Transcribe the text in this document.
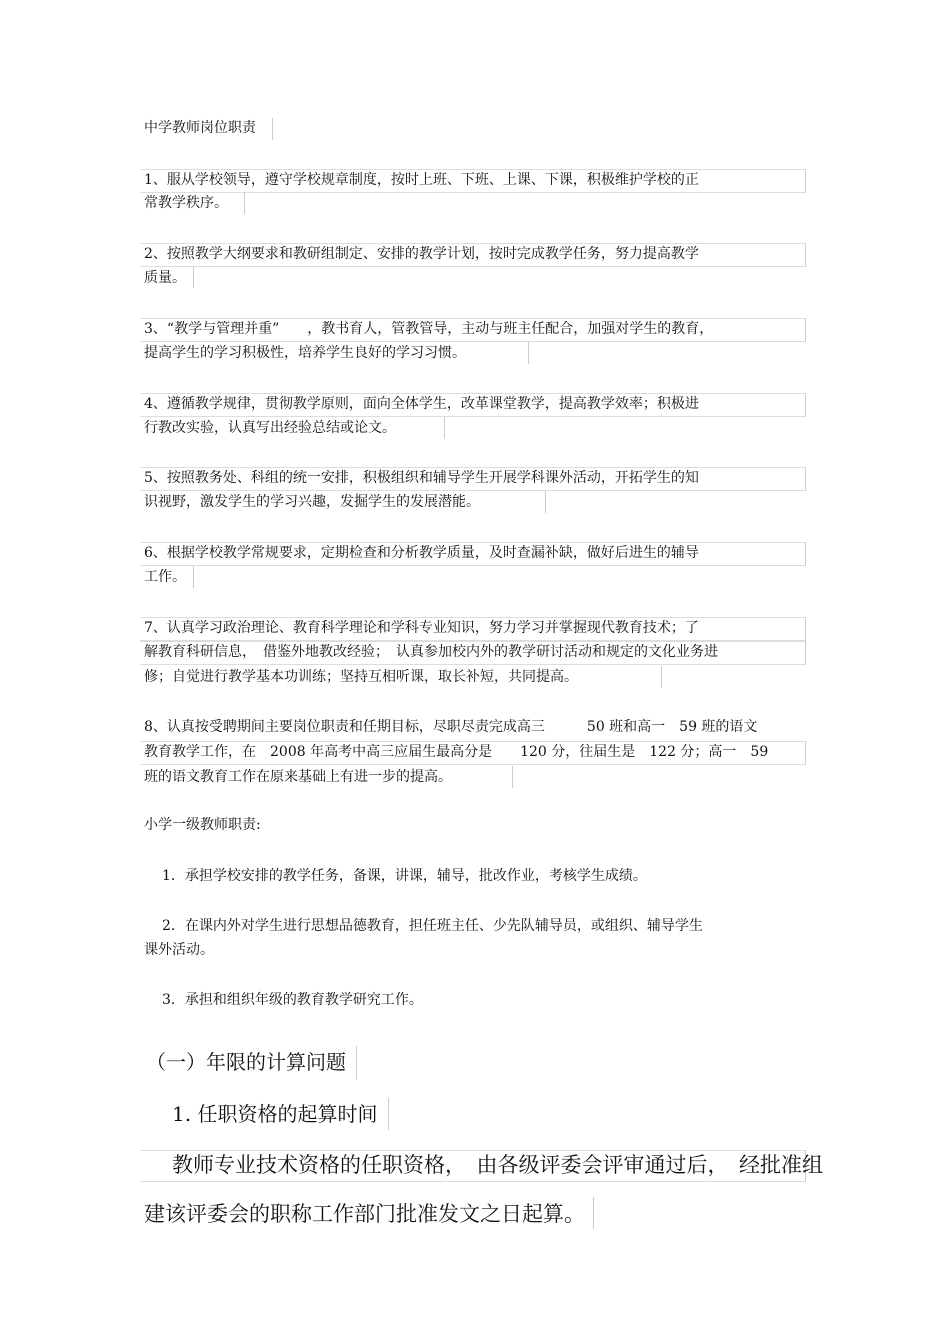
中学教师岗位职责
1、服从学校领导，遵守学校规章制度，按时上班、下班、上课、下课，积极维护学校的正
常教学秩序。
2、按照教学大纲要求和教研组制定、安排的教学计划，按时完成教学任务，努力提高教学
质量。
3、“教学与管理并重”　　，教书育人，管教管导，主动与班主任配合，加强对学生的教育，
提高学生的学习积极性，培养学生良好的学习习惯。
4、遵循教学规律，贯彻教学原则，面向全体学生，改革课堂教学，提高教学效率；积极进
行教改实验，认真写出经验总结或论文。
5、按照教务处、科组的统一安排，积极组织和辅导学生开展学科课外活动，开拓学生的知
识视野，激发学生的学习兴趣，发掘学生的发展潜能。
6、根据学校教学常规要求，定期检查和分析教学质量，及时查漏补缺，做好后进生的辅导
工作。
7、认真学习政治理论、教育科学理论和学科专业知识，努力学习并掌握现代教育技术；了
解教育科研信息，　借鉴外地教改经验；　认真参加校内外的教学研讨活动和规定的文化业务进
修；自觉进行教学基本功训练；坚持互相听课，取长补短，共同提高。
8、认真按受聘期间主要岗位职责和任期目标，尽职尽责完成高三　　　50 班和高一　59 班的语文
教育教学工作，在　2008 年高考中高三应届生最高分是　　120 分，往届生是　122 分；高一　59
班的语文教育工作在原来基础上有进一步的提高。
小学一级教师职责:
1．承担学校安排的教学任务，备课，讲课，辅导，批改作业，考核学生成绩。
2．在课内外对学生进行思想品德教育，担任班主任、少先队辅导员，或组织、辅导学生
课外活动。
3．承担和组织年级的教育教学研究工作。
（一）年限的计算问题
1. 任职资格的起算时间
教师专业技术资格的任职资格，　由各级评委会评审通过后，　经批准组
建该评委会的职称工作部门批准发文之日起算。
